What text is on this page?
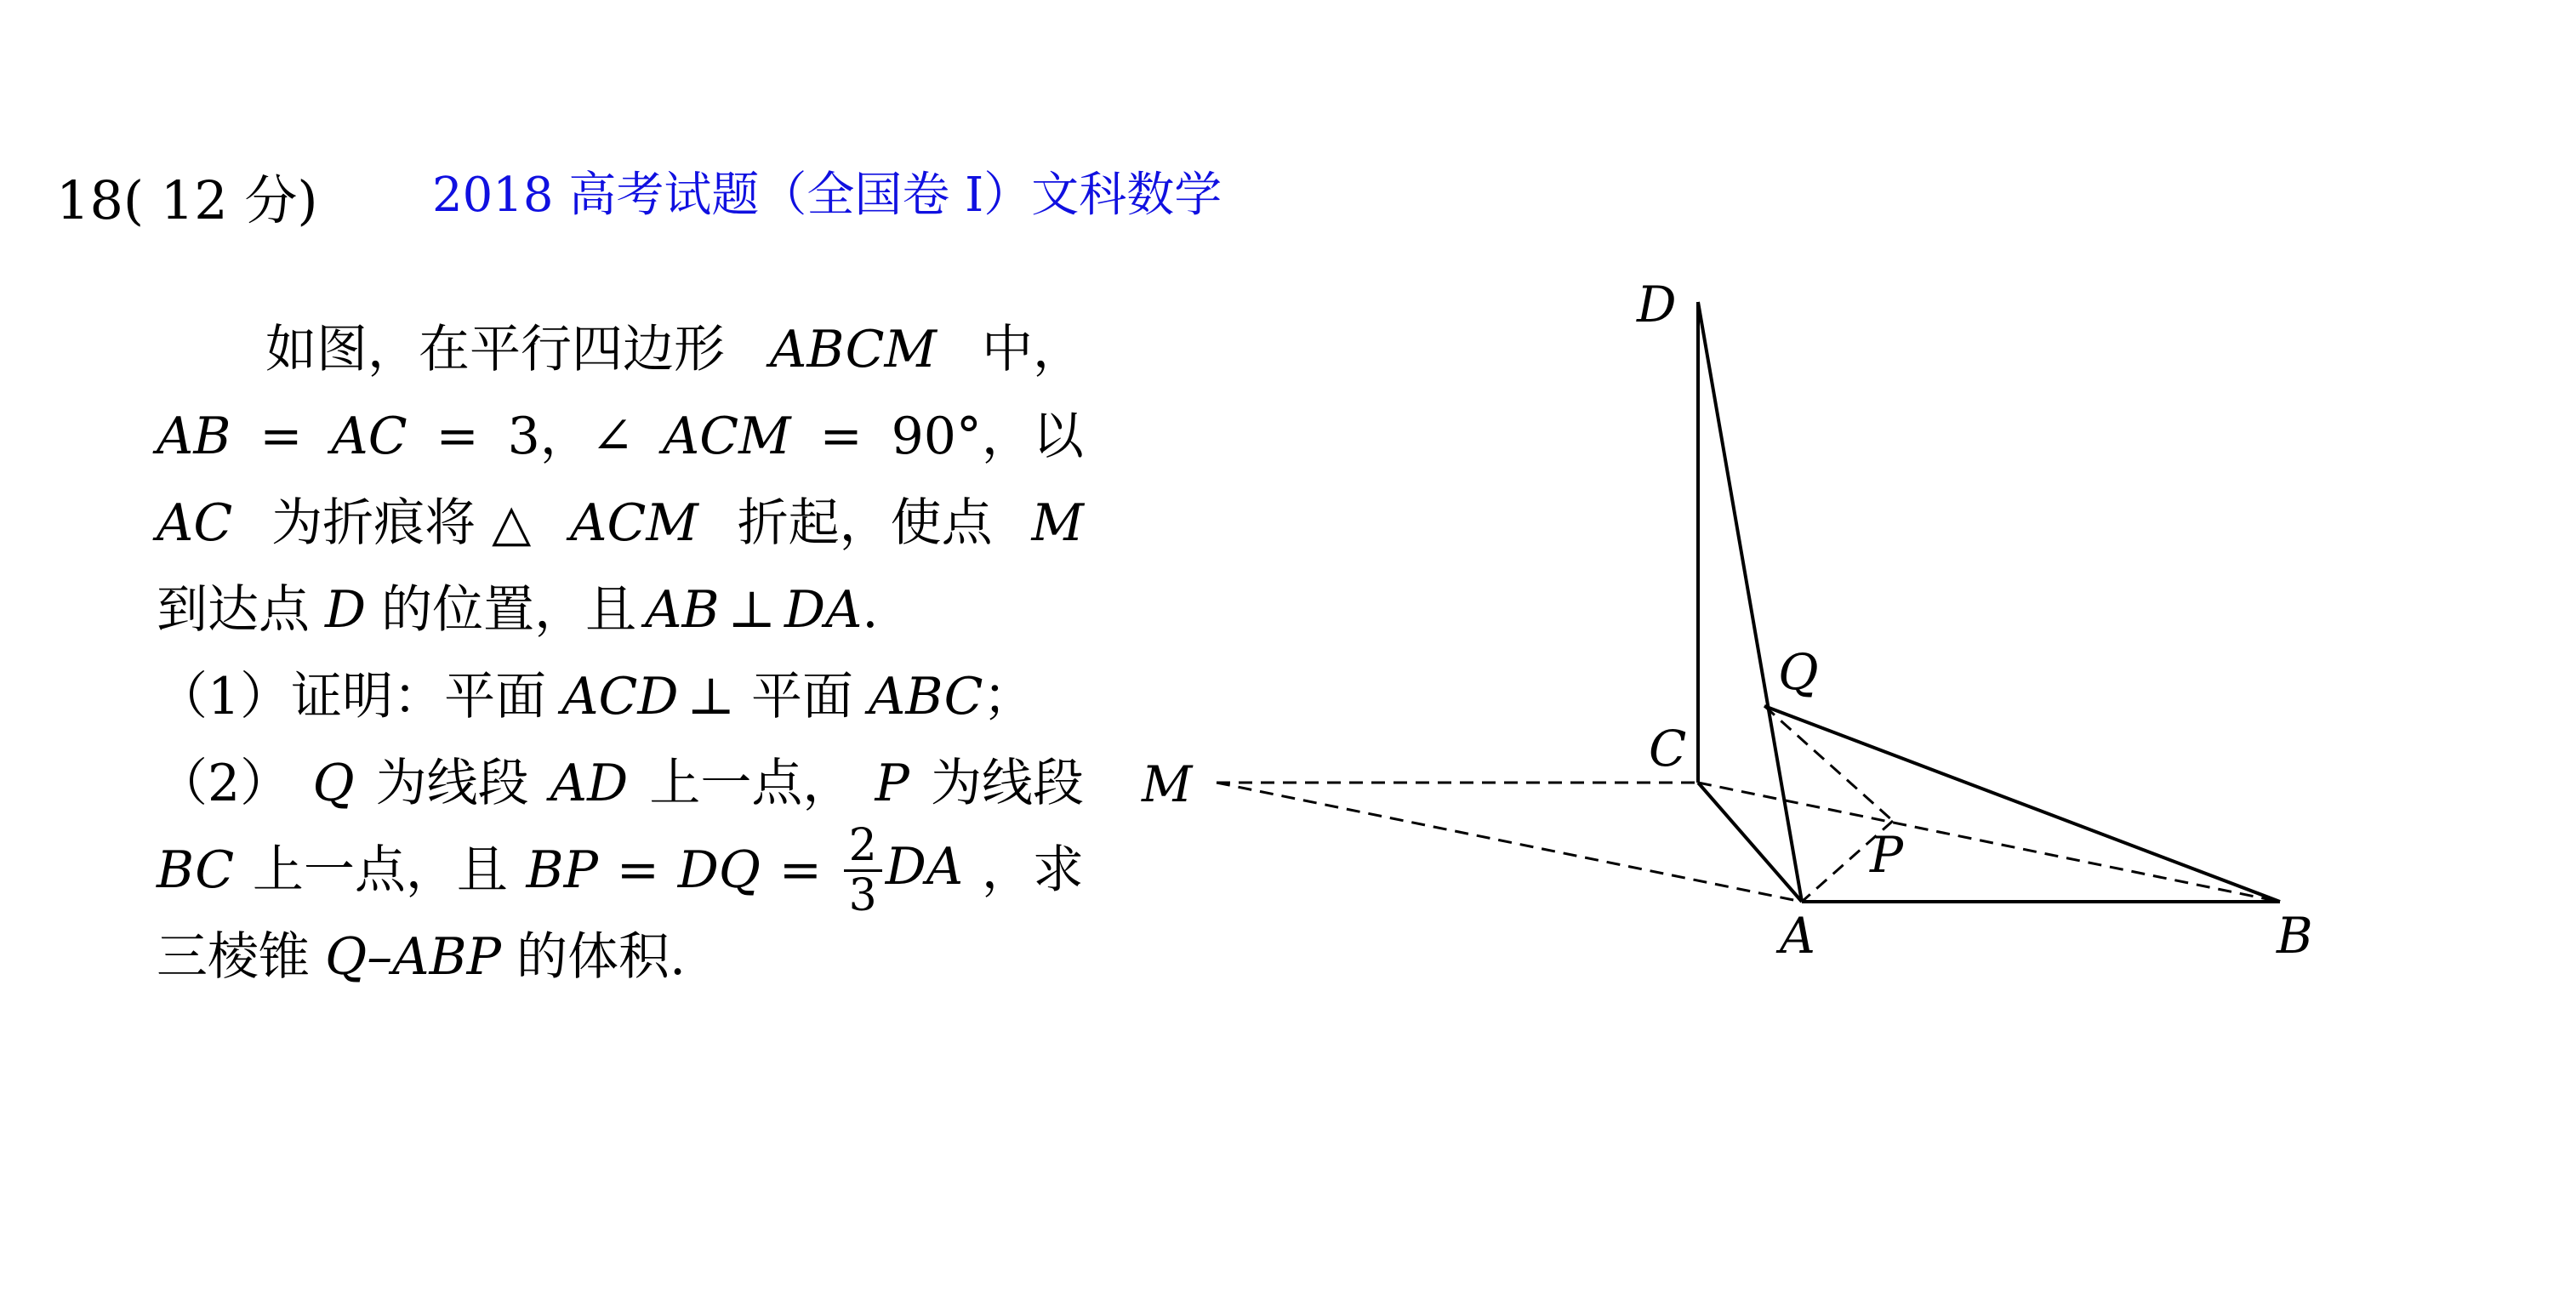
18( 12 分) 2018 高考试题（全国卷 I）文科数学
如图，在平行四边形 ABCM 中，
AB = AC = 3，∠ ACM = 90°，以
AC 为折痕将 △ ACM 折起，使点 M
到达点 D 的位置，且 AB ⊥ DA .
（1）证明：平面 ACD ⊥ 平面 ABC ；
（2） Q 为线段 AD 上一点， P 为线段
BC 上一点，且 BP = DQ = $\frac{2}{3}$ DA ，求
三棱锥 Q–ABP 的体积.
D
Q
C
M
P
A	B
